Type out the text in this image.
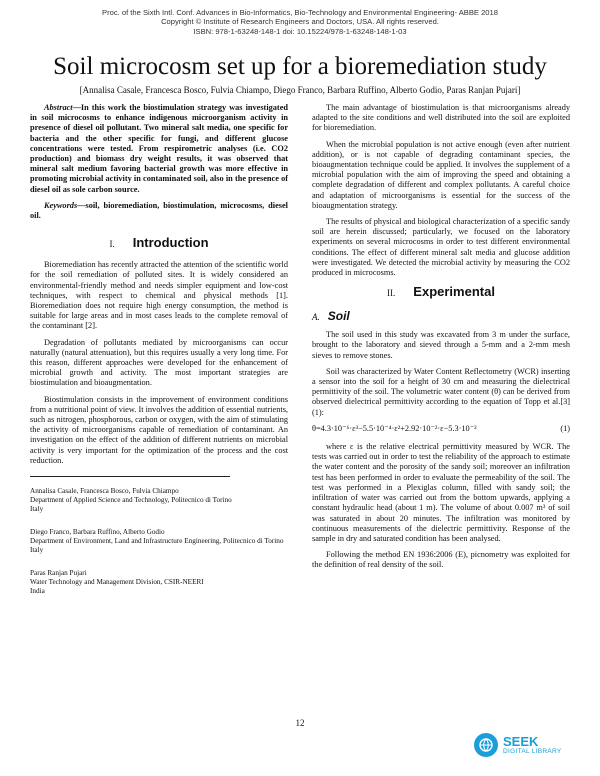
Proc. of the Sixth Intl. Conf. Advances in Bio-Informatics, Bio-Technology and Environmental Engineering- ABBE 2018
Copyright © Institute of Research Engineers and Doctors, USA. All rights reserved.
ISBN: 978-1-63248-148-1 doi: 10.15224/978-1-63248-148-1-03
Soil microcosm set up for a bioremediation study
[Annalisa Casale, Francesca Bosco, Fulvia Chiampo, Diego Franco, Barbara Ruffino, Alberto Godio, Paras Ranjan Pujari]

Abstract—In this work the biostimulation strategy was investigated in soil microcosms to enhance indigenous microorganism activity in presence of diesel oil pollutant. Two mineral salt media, one specific for bacteria and the other specific for fungi, and different glucose concentrations were tested. From respirometric analyses (i.e. CO2 production) and biomass dry weight results, it was observed that mineral salt medium favoring bacterial growth was more effective in promoting microbial activity in contaminated soil, also in the presence of diesel oil as sole carbon source.

Keywords—soil, bioremediation, biostimulation, microcosms, diesel oil.

I. Introduction

Bioremediation has recently attracted the attention of the scientific world for the soil remediation of polluted sites. It is widely considered an environmental-friendly method and needs simpler equipment and low-cost techniques, with respect to chemical and physical methods [1]. Bioremediation does not require high energy consumption, the method is suitable for large areas and in most cases leads to the complete removal of the contaminant [2].

Degradation of pollutants mediated by microorganisms can occur naturally (natural attenuation), but this requires usually a very long time. For this reason, different approaches were developed for the enhancement of microbial growth and activity. The most important strategies are biostimulation and bioaugmentation.

Biostimulation consists in the improvement of environment conditions from a nutritional point of view. It involves the addition of essential nutrients, such as nitrogen, phosphorous, carbon or oxygen, with the aim of stimulating the activity of microorganisms capable of remediation of contaminant. An investigation on the effect of the addition of different nutrients on microbial activity is very important for the optimization of the process and the cost reduction.

Annalisa Casale, Francesca Bosco, Fulvia Chiampo
Department of Applied Science and Technology, Politecnico di Torino
Italy
Diego Franco, Barbara Ruffino, Alberto Godio
Department of Environment, Land and Infrastructure Engineering, Politecnico di Torino
Italy
Paras Ranjan Pujari
Water Technology and Management Division, CSIR-NEERI
India

The main advantage of biostimulation is that microorganisms already adapted to the site conditions and well distributed into the soil are exploited for bioremediation.

When the microbial population is not active enough (even after nutrient addition), or is not capable of degrading contaminant species, the bioaugmentation technique could be applied. It involves the supplement of a microbial population with the aim of improving the speed and obtaining a complete degradation of different and complex pollutants. A careful choice and adaptation of microorganisms is essential for the success of the bioaugmentation strategy.

The results of physical and biological characterization of a specific sandy soil are herein discussed; particularly, we focused on the laboratory experiments on several microcosms in order to test different environmental conditions. The effect of different mineral salt media and glucose addition were investigated. We detected the microbial activity by measuring the CO2 produced in microcosms.

II. Experimental
A. Soil

The soil used in this study was excavated from 3 m under the surface, brought to the laboratory and sieved through a 5-mm and a 2-mm mesh sieves to remove stones.

Soil was characterized by Water Content Reflectometry (WCR) inserting a sensor into the soil for a height of 30 cm and measuring the dielectrical permittivity of the soil. The volumetric water content (θ) can be derived from observed dielectrical permittivity according to the equation of Topp et al.[3](1):

θ=4.3·10⁻⁶·ε³−5.5·10⁻⁴·ε²+2.92·10⁻²·ε−5.3·10⁻²	(1)

where ε is the relative electrical permittivity measured by WCR. The tests was carried out in order to test the reliability of the approach to estimate the water content and the porosity of the sandy soil; moreover an infiltration test has been performed in order to evaluate the permeability of the soil. The test was performed in a Plexiglas column, filled with sandy soil; the infiltration of water was carried out from the bottom upwards, applying a constant hydraulic head (about 1 m). The volume of about 0.007 m³ of soil was saturated in about 20 minutes. The infiltration was monitored by continuous measurements of the dielectric permittivity. Response of the sample in dry and saturated condition has been analysed.

Following the method EN 1936:2006 (E), picnometry was exploited for the definition of real density of the soil.

12
SEEK
DIGITAL LIBRARY
